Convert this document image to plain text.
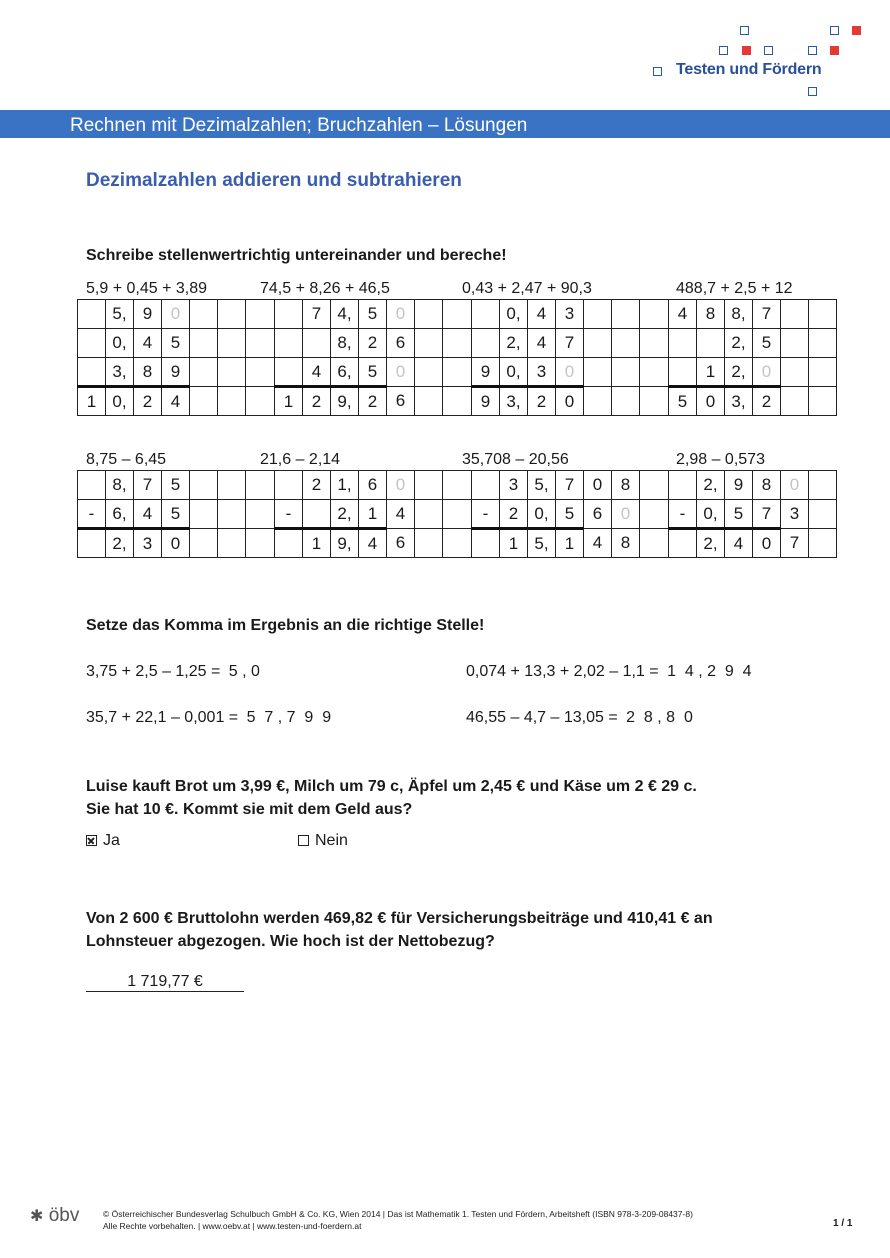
Testen und Fördern
Rechnen mit Dezimalzahlen; Bruchzahlen – Lösungen
Dezimalzahlen addieren und subtrahieren
Schreibe stellenwertrichtig untereinander und bereche!
5,9 + 0,45 + 3,89	74,5 + 8,26 + 46,5	0,43 + 2,47 + 90,3	488,7 + 2,5 + 12
	5,	9	0					7	4,	5	0				0,	4	3				4	8	8,	7		
	0,	4	5						8,	2	6				2,	4	7						2,	5		
	3,	8	9					4	6,	5	0			9	0,	3	0					1	2,	0		
1	0,	2	4				1	2	9,	2	6			9	3,	2	0				5	0	3,	2		
8,75 – 6,45	21,6 – 2,14	35,708 – 20,56	2,98 – 0,573
	8,	7	5					2	1,	6	0				3	5,	7	0	8			2,	9	8	0	
-	6,	4	5				-		2,	1	4			-	2	0,	5	6	0		-	0,	5	7	3	
	2,	3	0					1	9,	4	6				1	5,	1	4	8			2,	4	0	7	
Setze das Komma im Ergebnis an die richtige Stelle!
3,75 + 2,5 – 1,25 = 5 , 0	0,074 + 13,3 + 2,02 – 1,1 = 1  4 , 2  9  4
35,7 + 22,1 – 0,001 = 5  7 , 7  9  9	46,55 – 4,7 – 13,05 = 2  8 , 8  0
Luise kauft Brot um 3,99 €, Milch um 79 c, Äpfel um 2,45 € und Käse um 2 € 29 c.
Sie hat 10 €. Kommt sie mit dem Geld aus?
Ja	Nein
Von 2 600 € Bruttolohn werden 469,82 € für Versicherungsbeiträge und 410,41 € an
Lohnsteuer abgezogen. Wie hoch ist der Nettobezug?
1 719,77 €
✱ öbv	© Österreichischer Bundesverlag Schulbuch GmbH & Co. KG, Wien 2014 | Das ist Mathematik 1. Testen und Fördern, Arbeitsheft (ISBN 978-3-209-08437-8)
Alle Rechte vorbehalten. | www.oebv.at | www.testen-und-foerdern.at	1 / 1
